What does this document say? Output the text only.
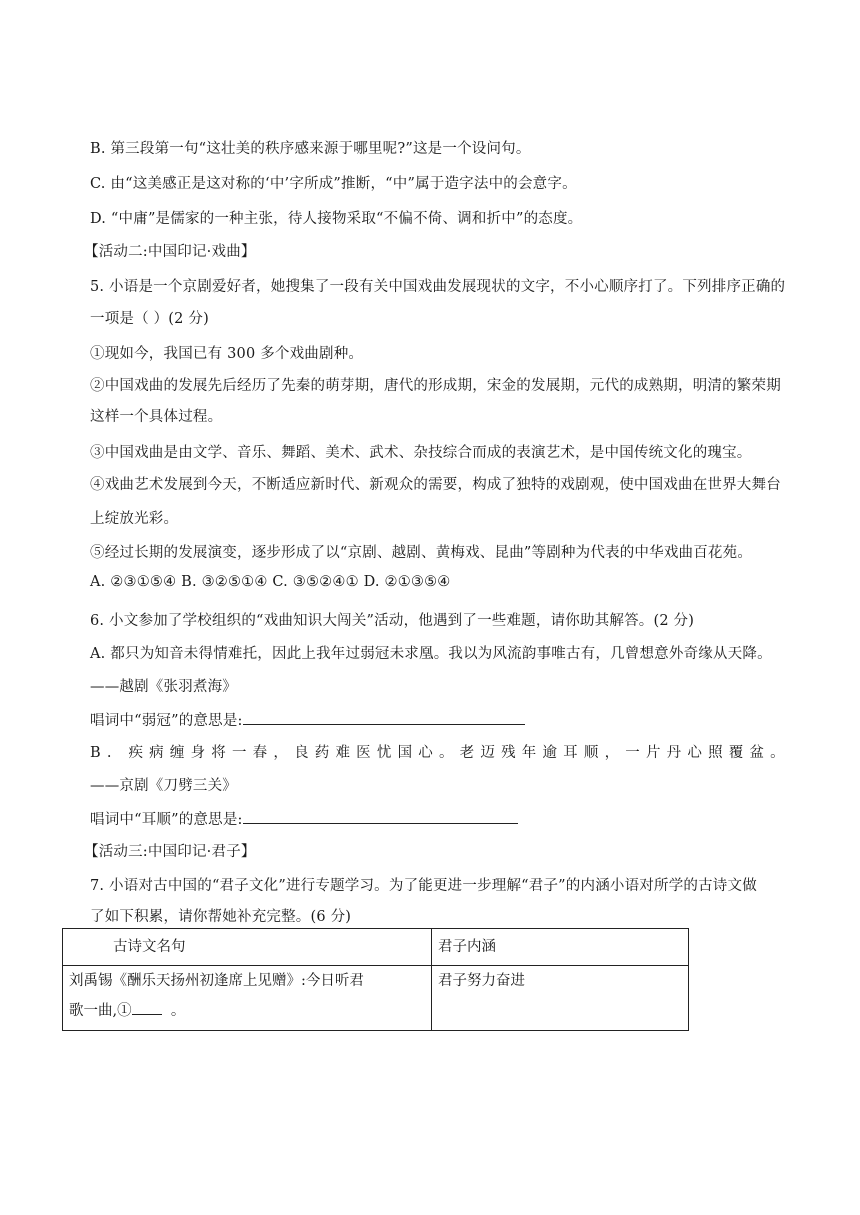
B. 第三段第一句“这壮美的秩序感来源于哪里呢?”这是一个设问句。
C. 由“这美感正是这对称的‘中’字所成”推断，“中”属于造字法中的会意字。
D. “中庸”是儒家的一种主张，待人接物采取“不偏不倚、调和折中”的态度。
【活动二:中国印记·戏曲】
5. 小语是一个京剧爱好者，她搜集了一段有关中国戏曲发展现状的文字，不小心顺序打了。下列排序正确的
一项是（ ）(2 分)
①现如今，我国已有 300 多个戏曲剧种。
②中国戏曲的发展先后经历了先秦的萌芽期，唐代的形成期，宋金的发展期，元代的成熟期，明清的繁荣期
这样一个具体过程。
③中国戏曲是由文学、音乐、舞蹈、美术、武术、杂技综合而成的表演艺术，是中国传统文化的瑰宝。
④戏曲艺术发展到今天，不断适应新时代、新观众的需要，构成了独特的戏剧观，使中国戏曲在世界大舞台
上绽放光彩。
⑤经过长期的发展演变，逐步形成了以“京剧、越剧、黄梅戏、昆曲”等剧种为代表的中华戏曲百花苑。
A. ②③①⑤④ B. ③②⑤①④ C. ③⑤②④① D. ②①③⑤④
6. 小文参加了学校组织的“戏曲知识大闯关”活动，他遇到了一些难题，请你助其解答。(2 分)
A. 都只为知音未得情难托，因此上我年过弱冠未求凰。我以为风流韵事唯古有，几曾想意外奇缘从天降。
——越剧《张羽煮海》
唱词中“弱冠”的意思是:
B. 疾病缠身将一春，良药难医忧国心。老迈残年逾耳顺，一片丹心照覆盆。
——京剧《刀劈三关》
唱词中“耳顺”的意思是:
【活动三:中国印记·君子】
7. 小语对古中国的“君子文化”进行专题学习。为了能更进一步理解“君子”的内涵小语对所学的古诗文做
了如下积累，请你帮她补充完整。(6 分)
古诗文名句	君子内涵

刘禹锡《酬乐天扬州初逢席上见赠》:今日听君
歌一曲,① 。	君子努力奋进
